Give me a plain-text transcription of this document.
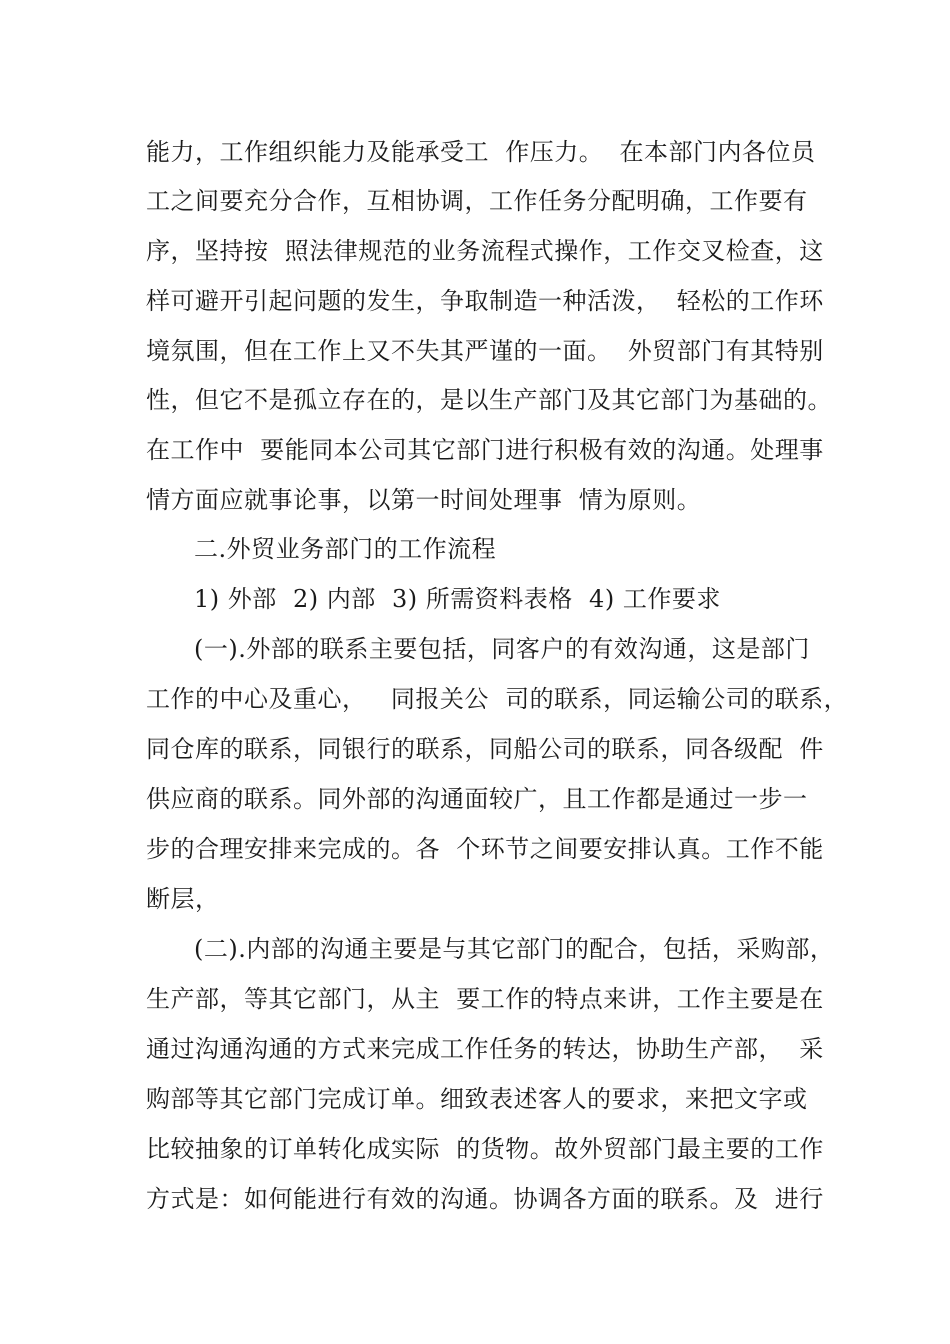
能力，工作组织能力及能承受工  作压力。  在本部门内各位员
工之间要充分合作，互相协调，工作任务分配明确，工作要有
序，坚持按  照法律规范的业务流程式操作，工作交叉检查，这
样可避开引起问题的发生，争取制造一种活泼，  轻松的工作环
境氛围，但在工作上又不失其严谨的一面。  外贸部门有其特别
性，但它不是孤立存在的，是以生产部门及其它部门为基础的。
在工作中  要能同本公司其它部门进行积极有效的沟通。处理事
情方面应就事论事，以第一时间处理事  情为原则。
二.外贸业务部门的工作流程
1) 外部  2) 内部  3) 所需资料表格  4) 工作要求
(一).外部的联系主要包括，同客户的有效沟通，这是部门
工作的中心及重心，   同报关公  司的联系，同运输公司的联系，
同仓库的联系，同银行的联系，同船公司的联系，同各级配  件
供应商的联系。同外部的沟通面较广，且工作都是通过一步一
步的合理安排来完成的。各  个环节之间要安排认真。工作不能
断层，
(二).内部的沟通主要是与其它部门的配合，包括，采购部，
生产部，等其它部门，从主  要工作的特点来讲，工作主要是在
通过沟通沟通的方式来完成工作任务的转达，协助生产部，  采
购部等其它部门完成订单。细致表述客人的要求，来把文字或
比较抽象的订单转化成实际  的货物。故外贸部门最主要的工作
方式是：如何能进行有效的沟通。协调各方面的联系。及  进行
